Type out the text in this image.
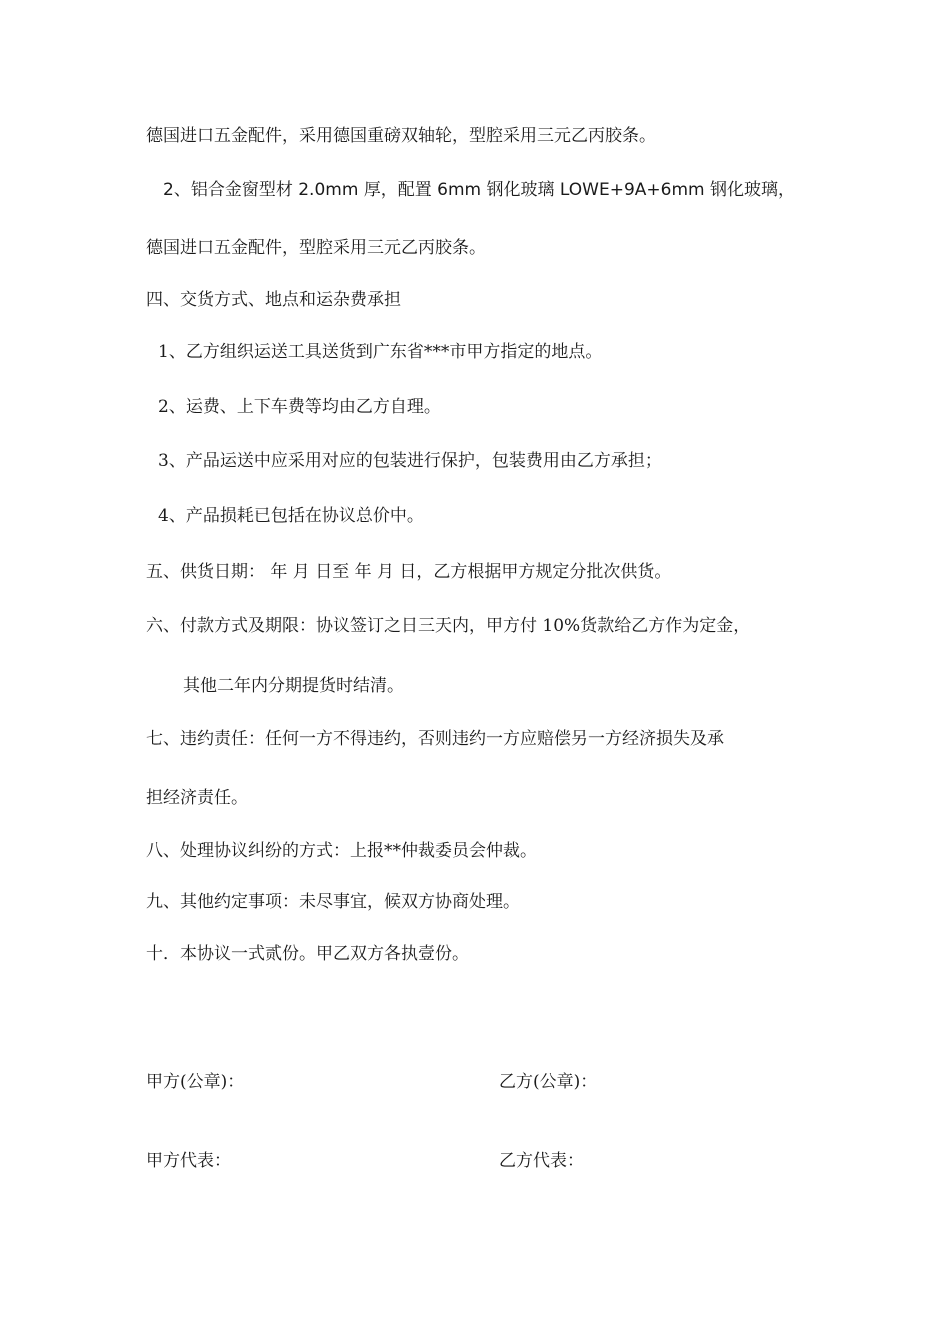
德国进口五金配件，采用德国重磅双轴轮，型腔采用三元乙丙胶条。
2、铝合金窗型材 2.0mm 厚，配置 6mm 钢化玻璃 LOWE+9A+6mm 钢化玻璃，
德国进口五金配件，型腔采用三元乙丙胶条。
四、交货方式、地点和运杂费承担
1、乙方组织运送工具送货到广东省***市甲方指定的地点。
2、运费、上下车费等均由乙方自理。
3、产品运送中应采用对应的包装进行保护，包装费用由乙方承担；
4、产品损耗已包括在协议总价中。
五、供货日期： 年 月 日至 年 月 日，乙方根据甲方规定分批次供货。
六、付款方式及期限：协议签订之日三天内，甲方付 10%货款给乙方作为定金，
其他二年内分期提货时结清。
七、违约责任：任何一方不得违约，否则违约一方应赔偿另一方经济损失及承
担经济责任。
八、处理协议纠纷的方式：上报**仲裁委员会仲裁。
九、其他约定事项：未尽事宜，候双方协商处理。
十．本协议一式贰份。甲乙双方各执壹份。
甲方(公章)：	乙方(公章)：
甲方代表：	乙方代表：
